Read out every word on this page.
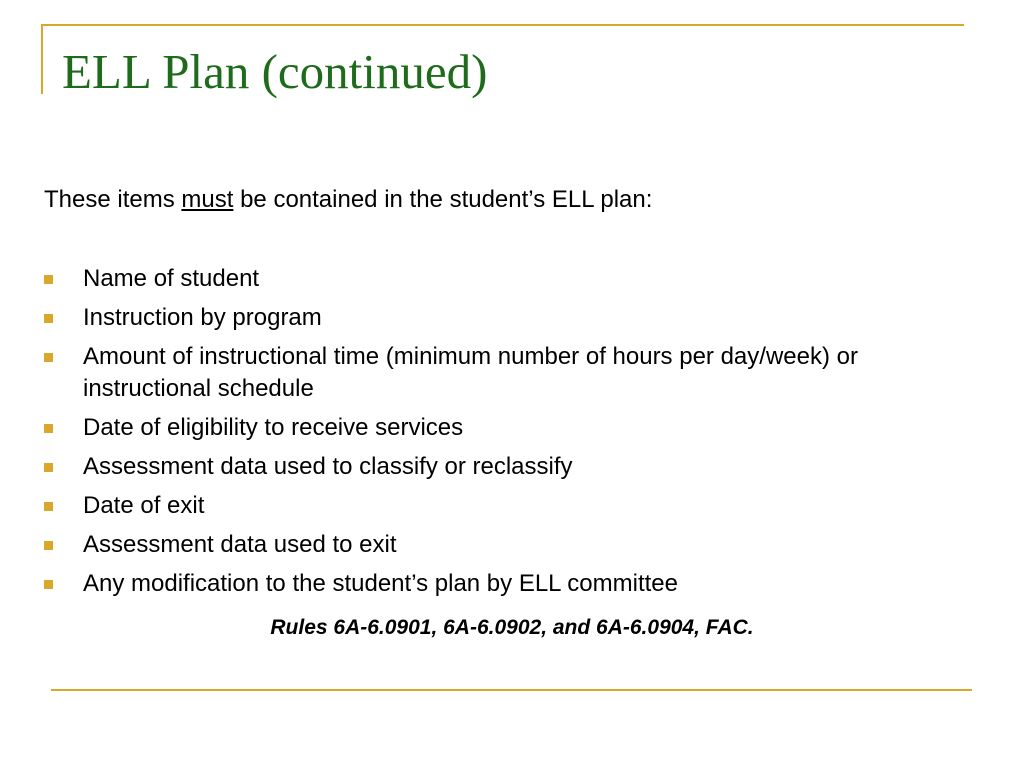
ELL Plan (continued)

These items must be contained in the student’s ELL plan:

Name of student
Instruction by program
Amount of instructional time (minimum number of hours per day/week) or instructional schedule
Date of eligibility to receive services
Assessment data used to classify or reclassify
Date of exit
Assessment data used to exit
Any modification to the student’s plan by ELL committee

Rules 6A-6.0901, 6A-6.0902, and 6A-6.0904, FAC.
